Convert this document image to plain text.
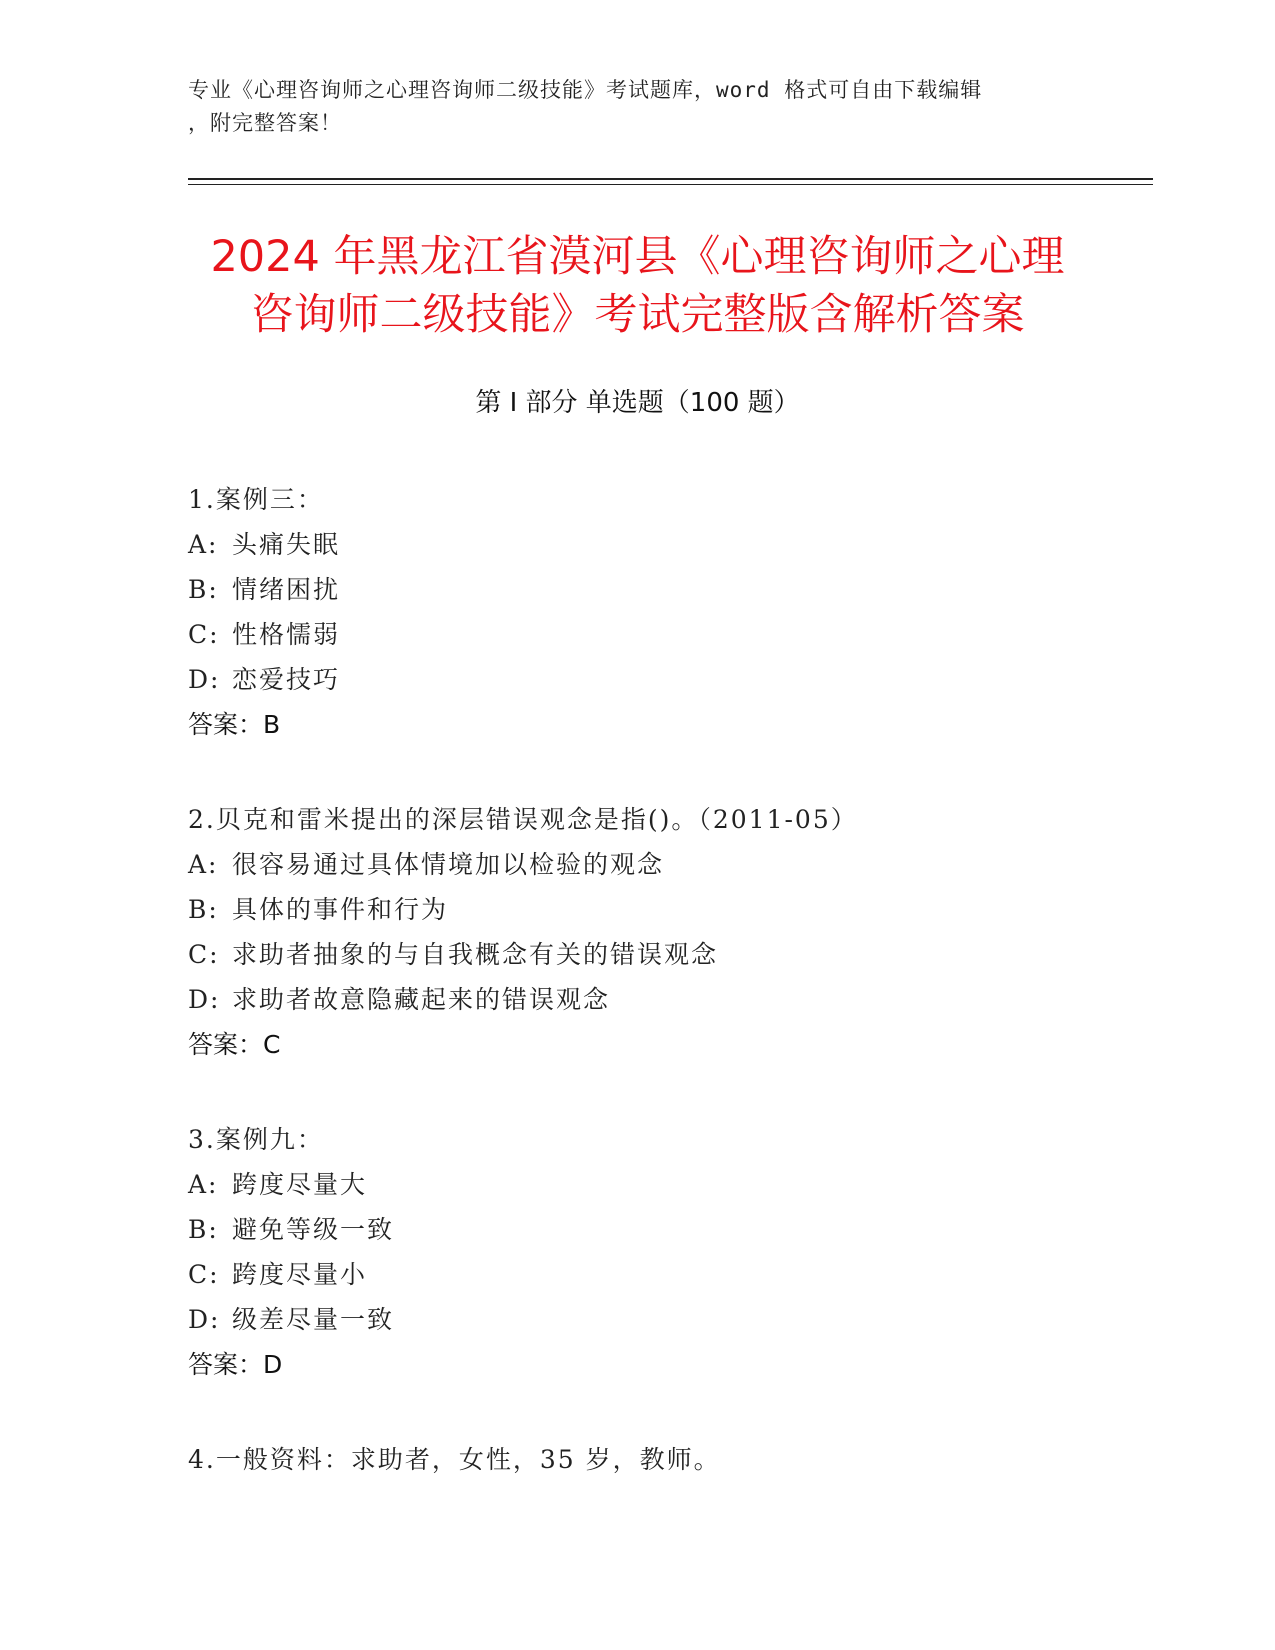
专业《心理咨询师之心理咨询师二级技能》考试题库，word 格式可自由下载编辑
，附完整答案！
2024 年黑龙江省漠河县《心理咨询师之心理
咨询师二级技能》考试完整版含解析答案
第 I 部分 单选题（100 题）
1.案例三：
A: 头痛失眠
B: 情绪困扰
C: 性格懦弱
D: 恋爱技巧
答案：B
2.贝克和雷米提出的深层错误观念是指()。（2011-05）
A: 很容易通过具体情境加以检验的观念
B: 具体的事件和行为
C: 求助者抽象的与自我概念有关的错误观念
D: 求助者故意隐藏起来的错误观念
答案：C
3.案例九：
A: 跨度尽量大
B: 避免等级一致
C: 跨度尽量小
D: 级差尽量一致
答案：D
4.一般资料：求助者，女性，35 岁，教师。
